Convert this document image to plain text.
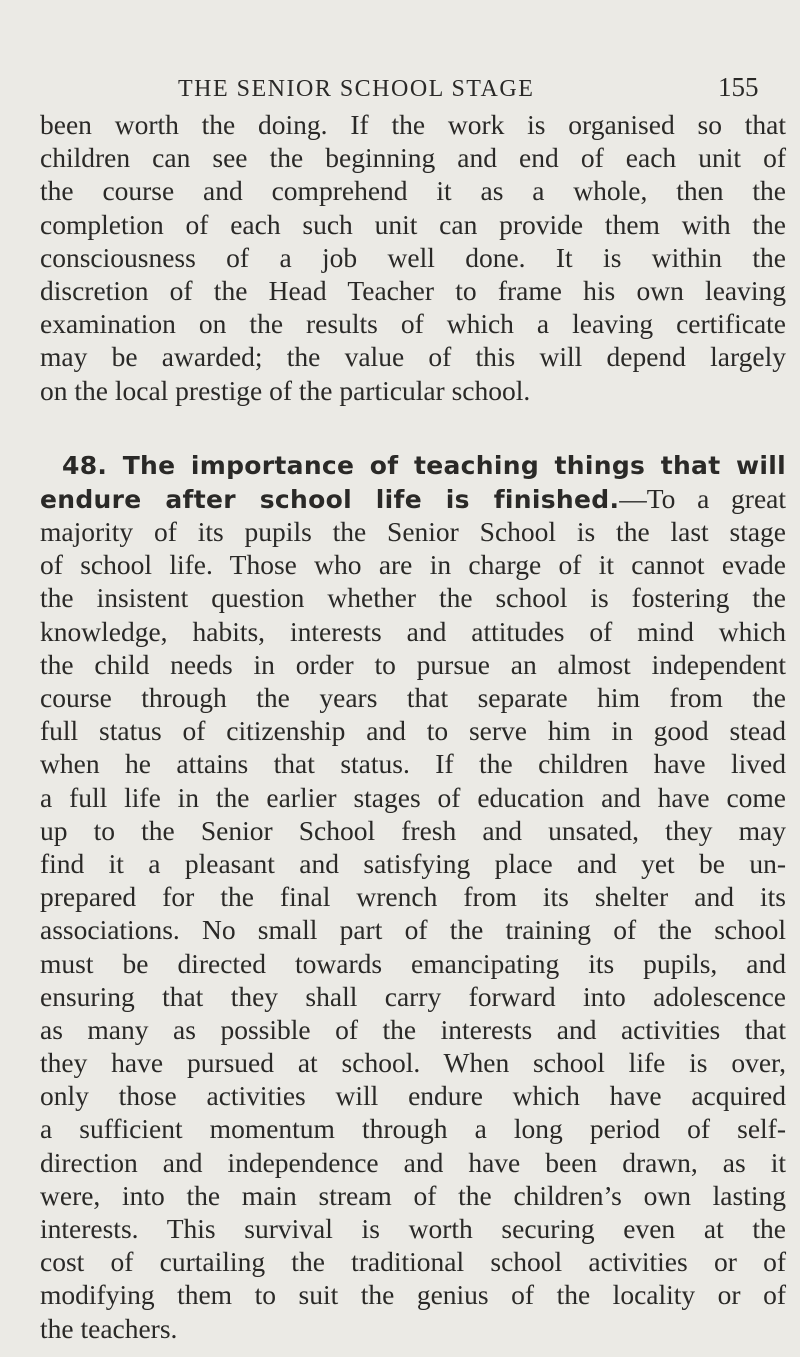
THE SENIOR SCHOOL STAGE	155
been worth the doing. If the work is organised so that
children can see the beginning and end of each unit of
the course and comprehend it as a whole, then the
completion of each such unit can provide them with the
consciousness of a job well done. It is within the
discretion of the Head Teacher to frame his own leaving
examination on the results of which a leaving certificate
may be awarded; the value of this will depend largely
on the local prestige of the particular school.
48. The importance of teaching things that will
endure after school life is finished.—To a great
majority of its pupils the Senior School is the last stage
of school life. Those who are in charge of it cannot evade
the insistent question whether the school is fostering the
knowledge, habits, interests and attitudes of mind which
the child needs in order to pursue an almost independent
course through the years that separate him from the
full status of citizenship and to serve him in good stead
when he attains that status. If the children have lived
a full life in the earlier stages of education and have come
up to the Senior School fresh and unsated, they may
find it a pleasant and satisfying place and yet be un-
prepared for the final wrench from its shelter and its
associations. No small part of the training of the school
must be directed towards emancipating its pupils, and
ensuring that they shall carry forward into adolescence
as many as possible of the interests and activities that
they have pursued at school. When school life is over,
only those activities will endure which have acquired
a sufficient momentum through a long period of self-
direction and independence and have been drawn, as it
were, into the main stream of the children’s own lasting
interests. This survival is worth securing even at the
cost of curtailing the traditional school activities or of
modifying them to suit the genius of the locality or of
the teachers.
